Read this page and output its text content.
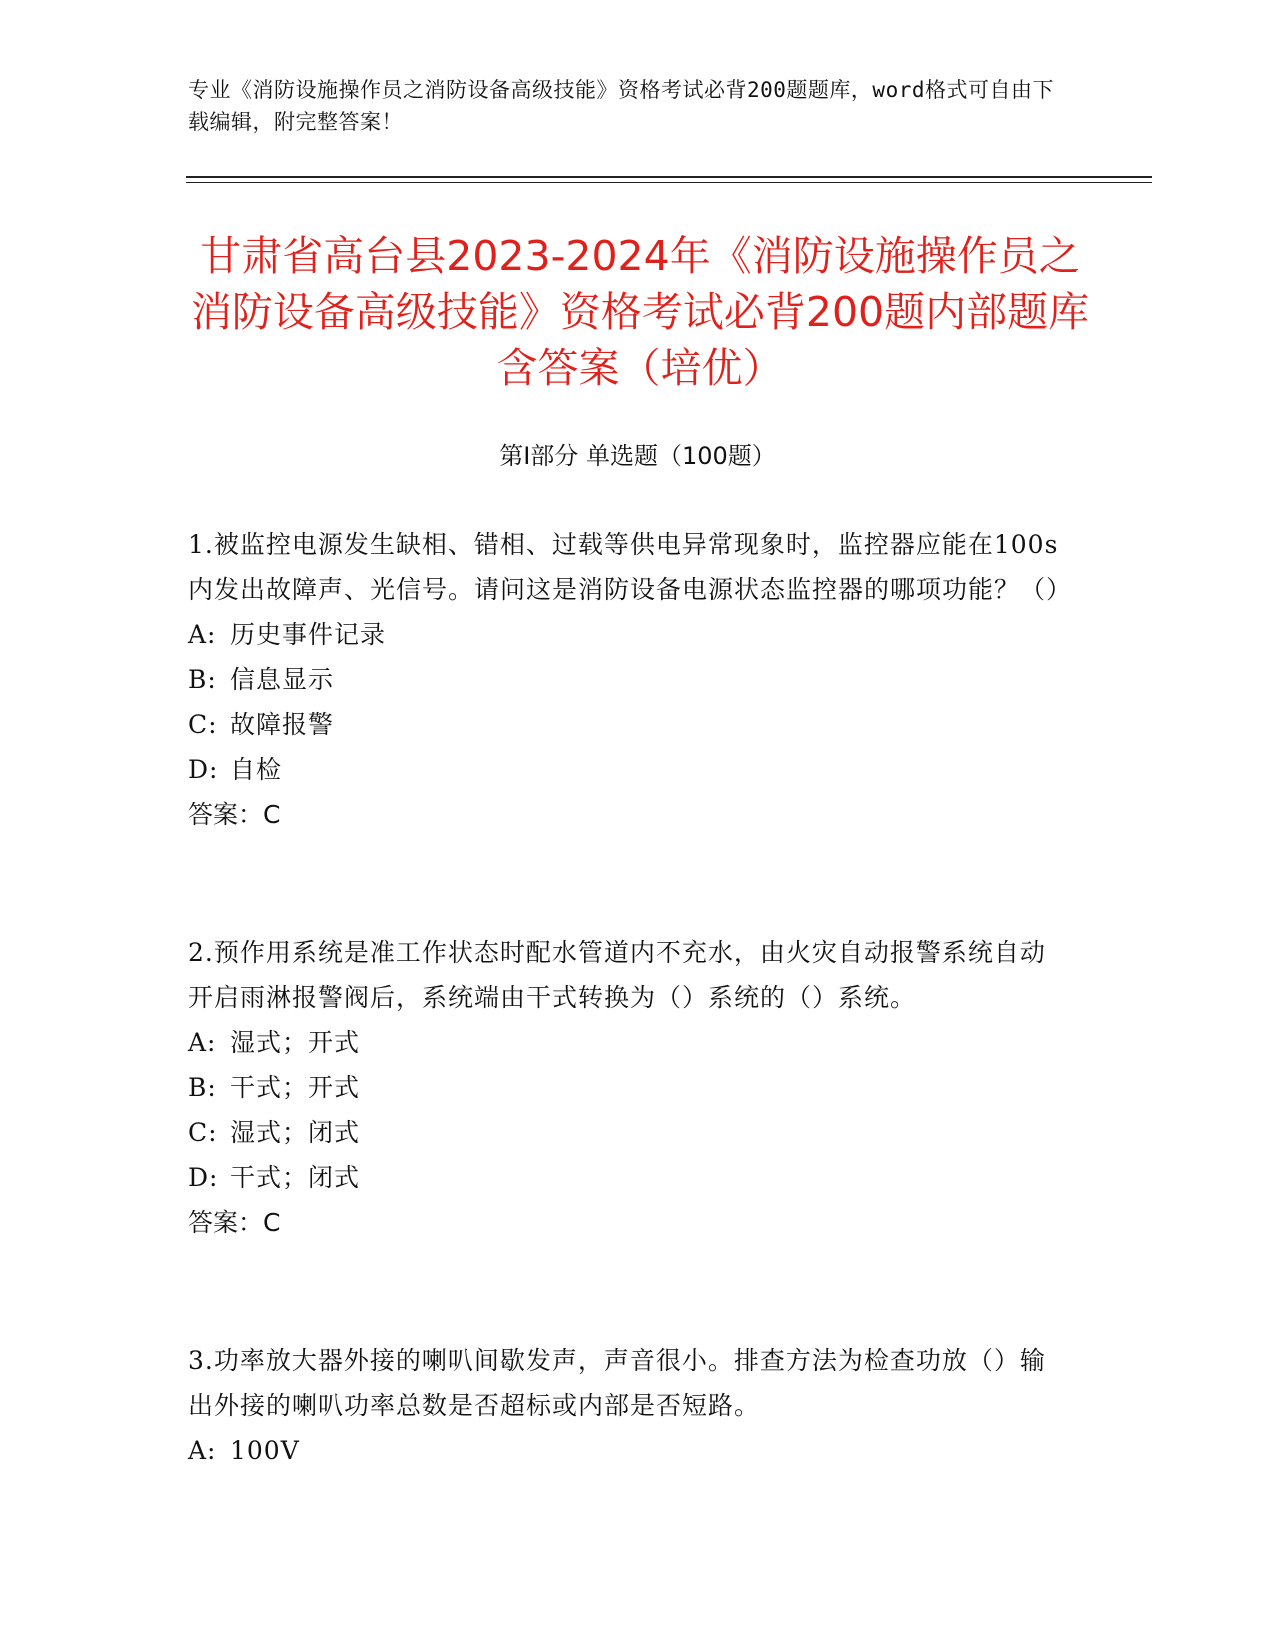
专业《消防设施操作员之消防设备高级技能》资格考试必背200题题库，word格式可自由下载编辑，附完整答案！
甘肃省高台县2023-2024年《消防设施操作员之消防设备高级技能》资格考试必背200题内部题库含答案（培优）
第I部分 单选题（100题）

1.被监控电源发生缺相、错相、过载等供电异常现象时，监控器应能在100s内发出故障声、光信号。请问这是消防设备电源状态监控器的哪项功能？（）

A: 历史事件记录

B: 信息显示

C: 故障报警

D: 自检

答案：C

2.预作用系统是准工作状态时配水管道内不充水，由火灾自动报警系统自动开启雨淋报警阀后，系统端由干式转换为（）系统的（）系统。

A: 湿式；开式

B: 干式；开式

C: 湿式；闭式

D: 干式；闭式

答案：C

3.功率放大器外接的喇叭间歇发声，声音很小。排查方法为检查功放（）输出外接的喇叭功率总数是否超标或内部是否短路。

A: 100V
